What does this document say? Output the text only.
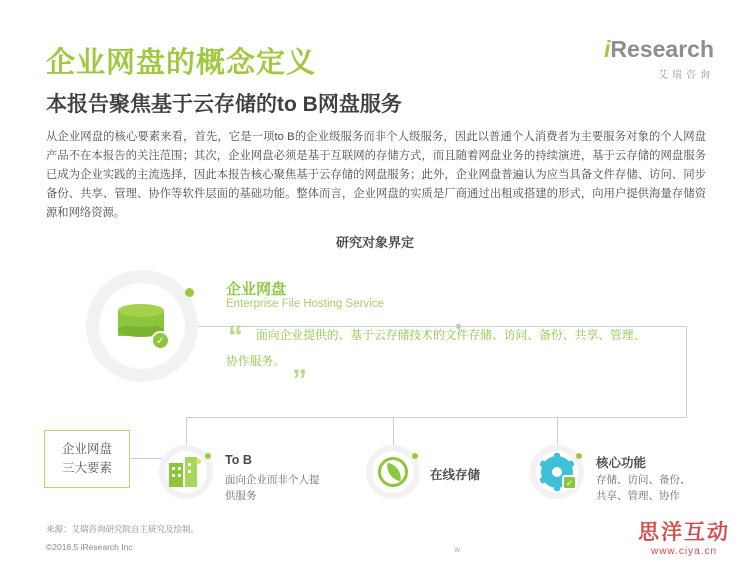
企业网盘的概念定义
本报告聚焦基于云存储的to B网盘服务
iResearch
艾瑞咨询
从企业网盘的核心要素来看，首先，它是一项to B的企业级服务而非个人级服务，因此以普通个人消费者为主要服务对象的个人网盘产品不在本报告的关注范围；其次，企业网盘必须是基于互联网的存储方式，而且随着网盘业务的持续演进，基于云存储的网盘服务已成为企业实践的主流选择，因此本报告核心聚焦基于云存储的网盘服务；此外，企业网盘普遍认为应当具备文件存储、访问、同步备份、共享、管理、协作等软件层面的基础功能。整体而言，企业网盘的实质是厂商通过出租或搭建的形式，向用户提供海量存储资源和网络资源。
研究对象界定
✓
企业网盘
Enterprise File Hosting Service
“	面向企业提供的、基于云存储技术的文件存储、访问、备份、共享、管理、
协作服务。
”
企业网盘
三大要素
To B
面向企业而非个人提
供服务
在线存储
✓
核心功能
存储、访问、备份、
共享、管理、协作
来源：艾瑞咨询研究院自主研究及绘制。
©2018.5 iResearch Inc	w
思洋互动
www.ciya.cn
